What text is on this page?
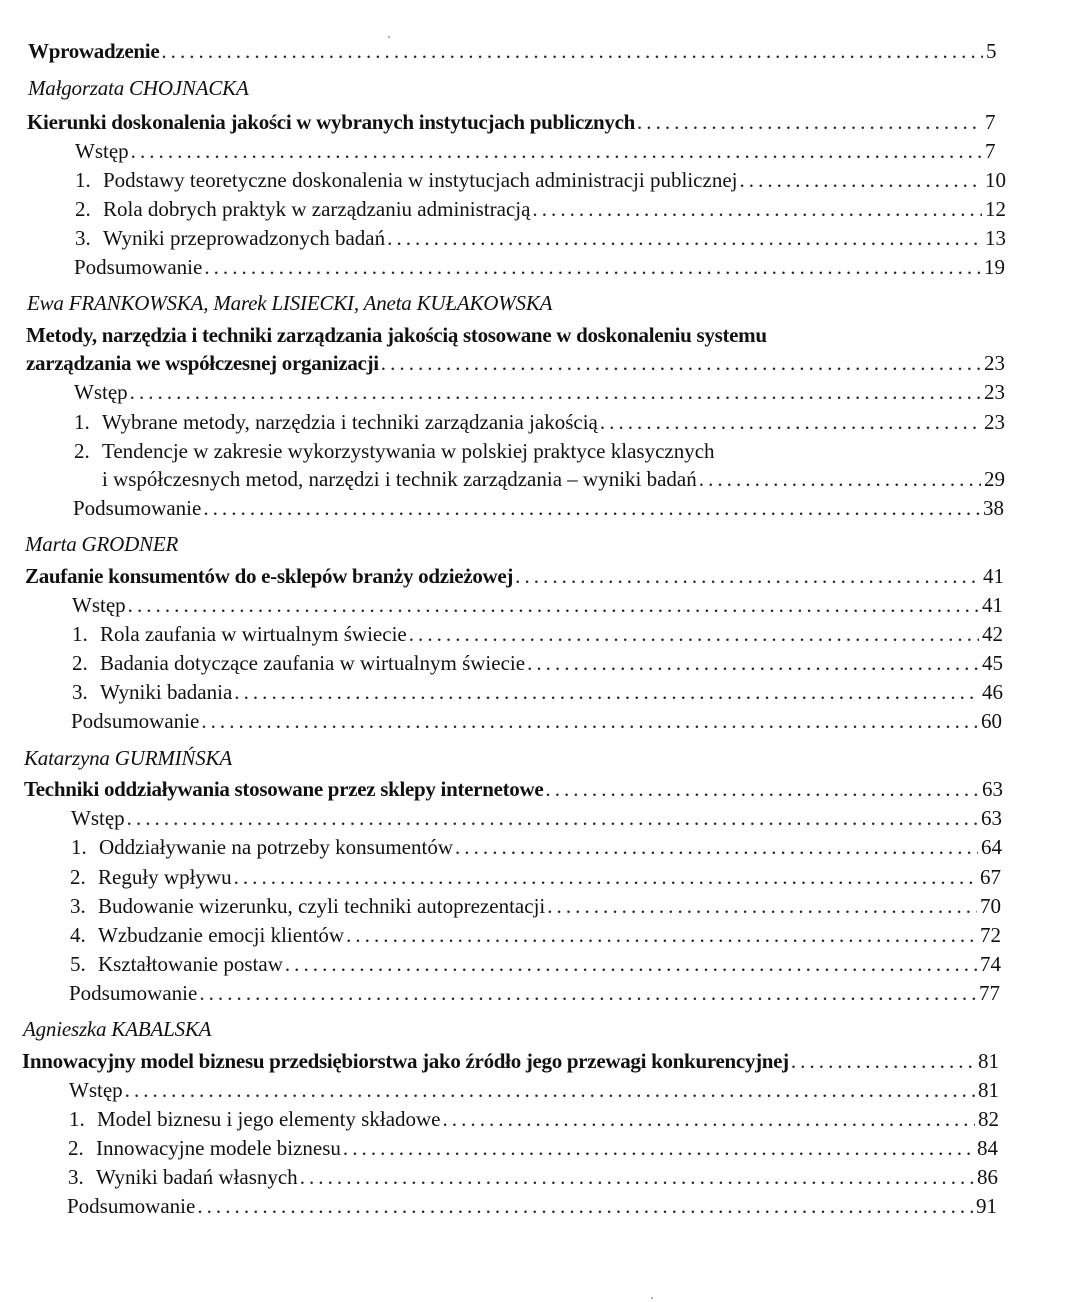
Wprowadzenie . . .	5
Małgorzata CHOJNACKA
Kierunki doskonalenia jakości w wybranych instytucjach publicznych . . .	7
Wstęp . . .	7
1. Podstawy teoretyczne doskonalenia w instytucjach administracji publicznej . . .	10
2. Rola dobrych praktyk w zarządzaniu administracją . . .	12
3. Wyniki przeprowadzonych badań . . .	13
Podsumowanie . . .	19
Ewa FRANKOWSKA, Marek LISIECKI, Aneta KUŁAKOWSKA
Metody, narzędzia i techniki zarządzania jakością stosowane w doskonaleniu systemu
zarządzania we współczesnej organizacji . . .	23
Wstęp . . .	23
1. Wybrane metody, narzędzia i techniki zarządzania jakością . . .	23
2. Tendencje w zakresie wykorzystywania w polskiej praktyce klasycznych
i współczesnych metod, narzędzi i technik zarządzania – wyniki badań . . .	29
Podsumowanie . . .	38
Marta GRODNER
Zaufanie konsumentów do e-sklepów branży odzieżowej . . .	41
Wstęp . . .	41
1. Rola zaufania w wirtualnym świecie . . .	42
2. Badania dotyczące zaufania w wirtualnym świecie . . .	45
3. Wyniki badania . . .	46
Podsumowanie . . .	60
Katarzyna GURMIŃSKA
Techniki oddziaływania stosowane przez sklepy internetowe . . .	63
Wstęp . . .	63
1. Oddziaływanie na potrzeby konsumentów . . .	64
2. Reguły wpływu . . .	67
3. Budowanie wizerunku, czyli techniki autoprezentacji . . .	70
4. Wzbudzanie emocji klientów . . .	72
5. Kształtowanie postaw . . .	74
Podsumowanie . . .	77
Agnieszka KABALSKA
Innowacyjny model biznesu przedsiębiorstwa jako źródło jego przewagi konkurencyjnej . . .	81
Wstęp . . .	81
1. Model biznesu i jego elementy składowe . . .	82
2. Innowacyjne modele biznesu . . .	84
3. Wyniki badań własnych . . .	86
Podsumowanie . . .	91
